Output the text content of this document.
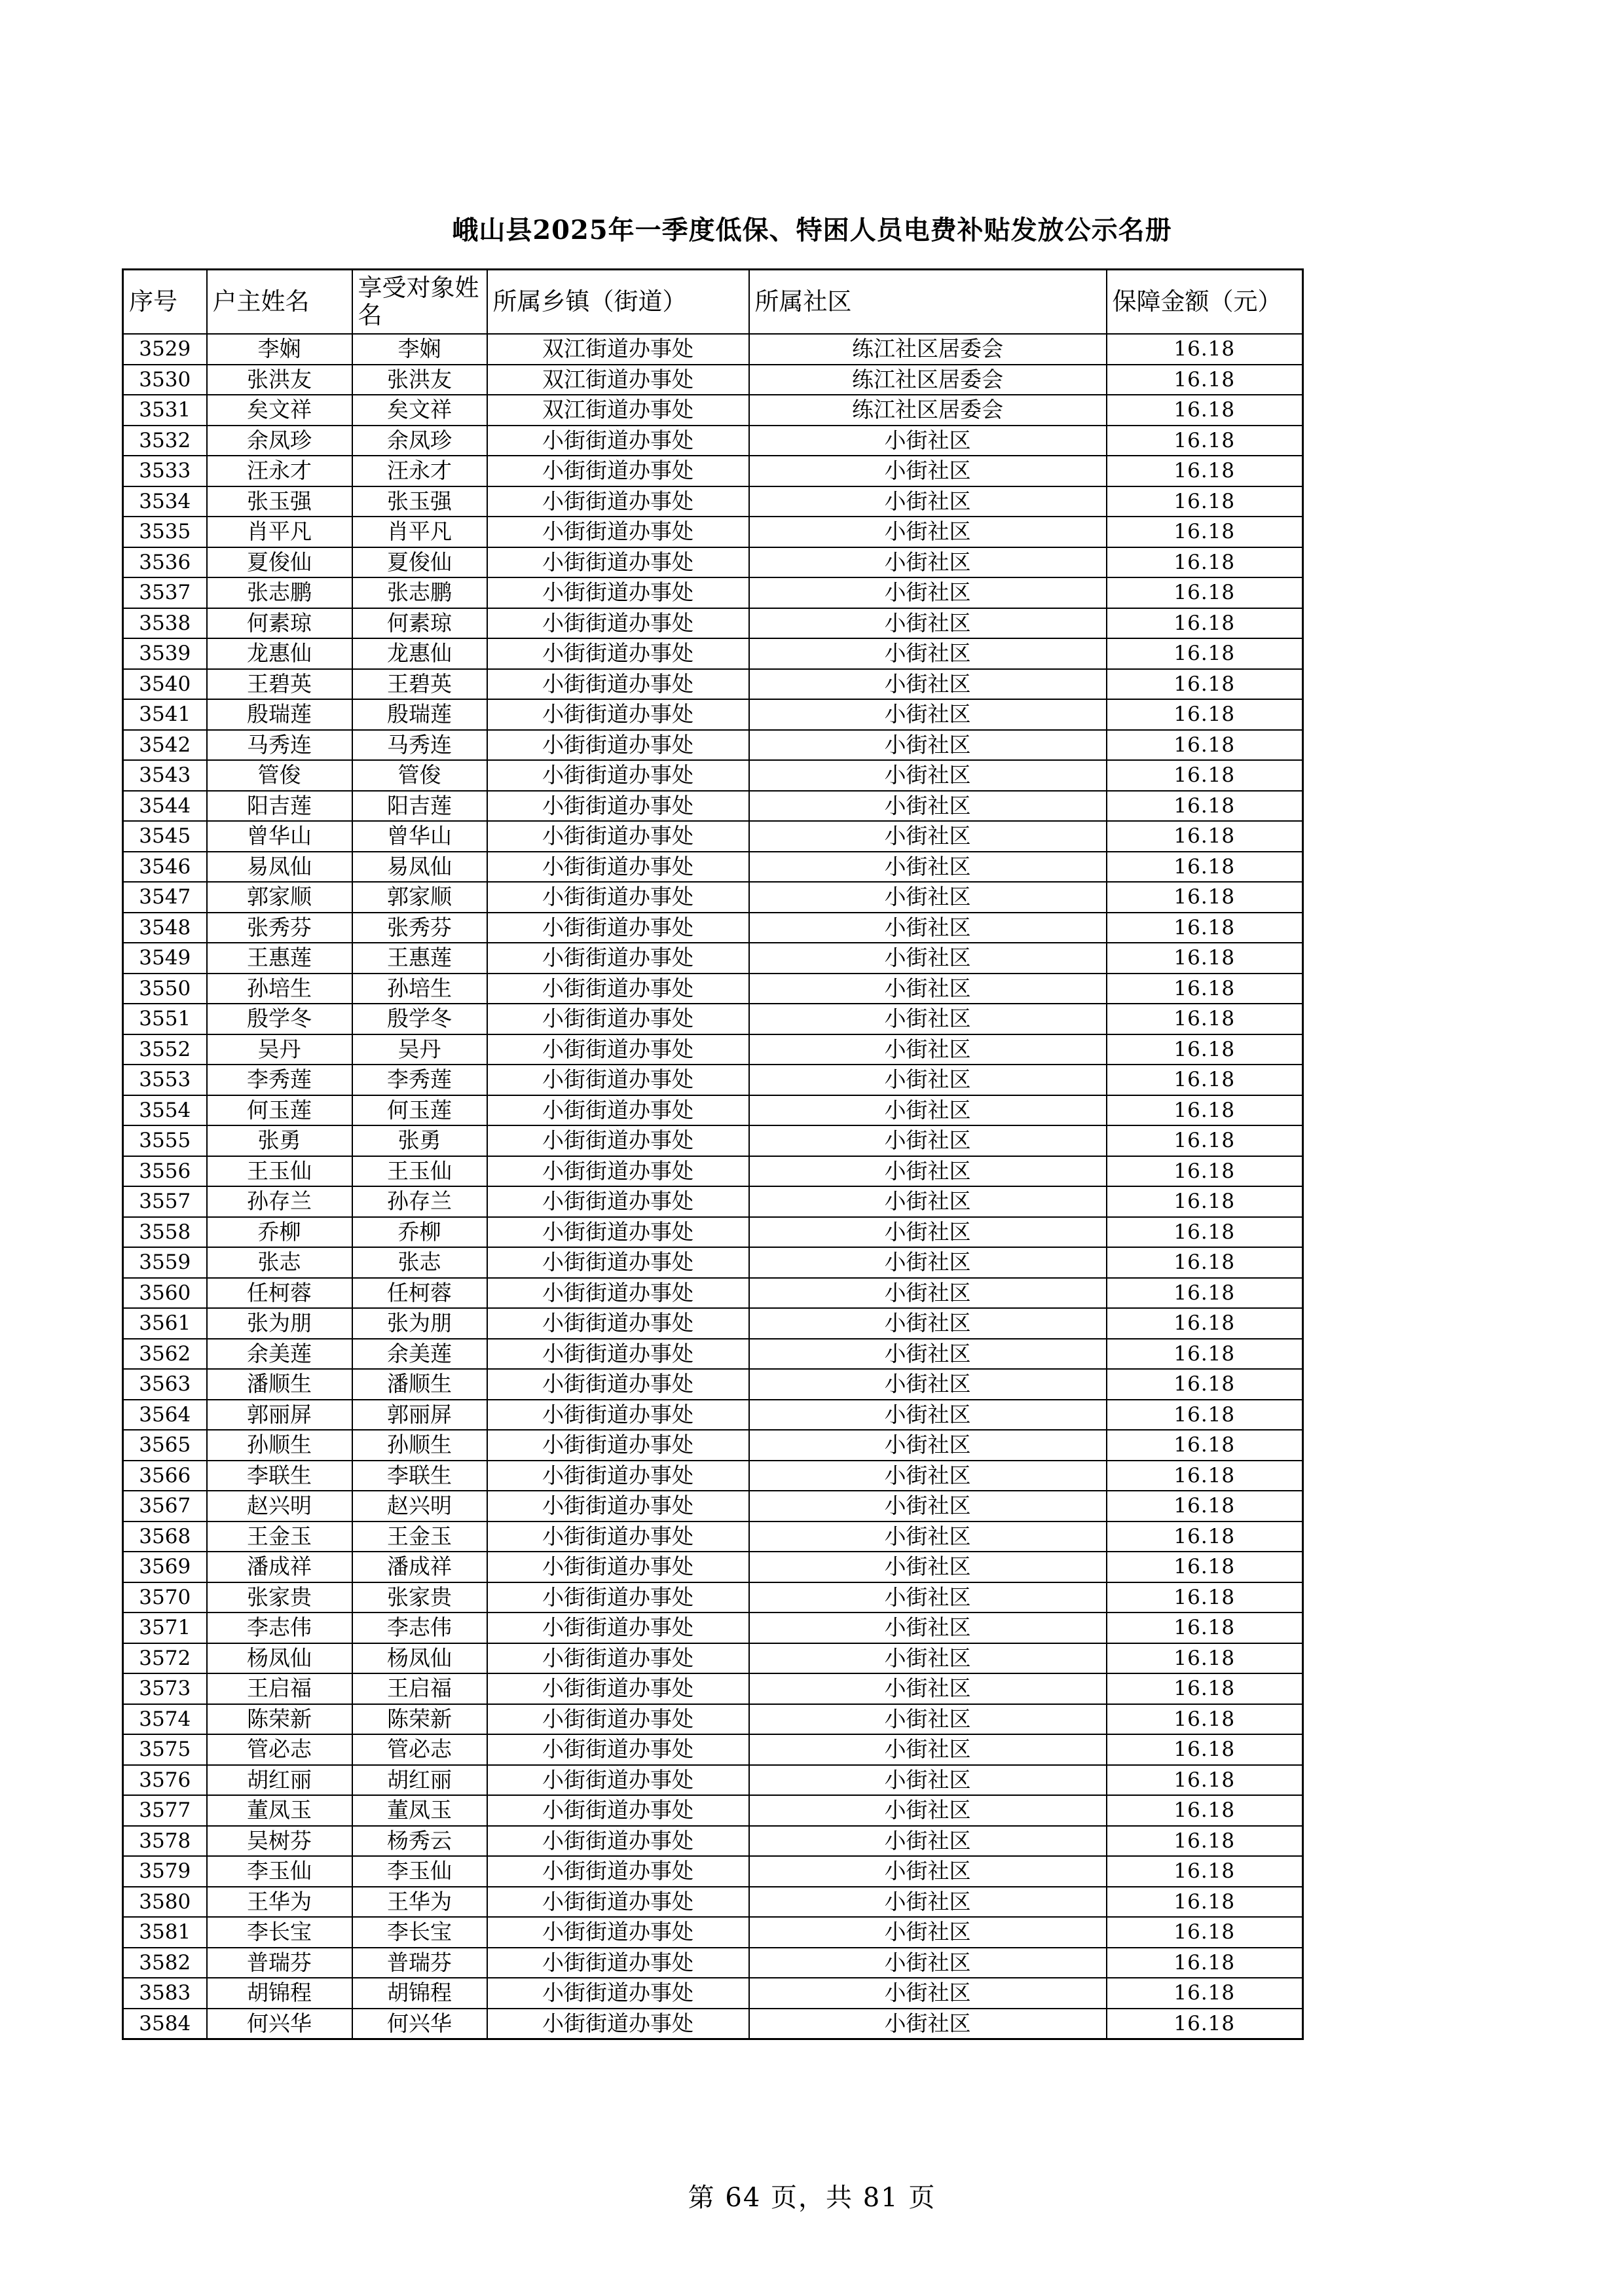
峨山县2025年一季度低保、特困人员电费补贴发放公示名册
序号	户主姓名	享受对象姓名	所属乡镇（街道）	所属社区	保障金额（元）
3529	李娴	李娴	双江街道办事处	练江社区居委会	16.18
3530	张洪友	张洪友	双江街道办事处	练江社区居委会	16.18
3531	矣文祥	矣文祥	双江街道办事处	练江社区居委会	16.18
3532	余凤珍	余凤珍	小街街道办事处	小街社区	16.18
3533	汪永才	汪永才	小街街道办事处	小街社区	16.18
3534	张玉强	张玉强	小街街道办事处	小街社区	16.18
3535	肖平凡	肖平凡	小街街道办事处	小街社区	16.18
3536	夏俊仙	夏俊仙	小街街道办事处	小街社区	16.18
3537	张志鹏	张志鹏	小街街道办事处	小街社区	16.18
3538	何素琼	何素琼	小街街道办事处	小街社区	16.18
3539	龙惠仙	龙惠仙	小街街道办事处	小街社区	16.18
3540	王碧英	王碧英	小街街道办事处	小街社区	16.18
3541	殷瑞莲	殷瑞莲	小街街道办事处	小街社区	16.18
3542	马秀连	马秀连	小街街道办事处	小街社区	16.18
3543	管俊	管俊	小街街道办事处	小街社区	16.18
3544	阳吉莲	阳吉莲	小街街道办事处	小街社区	16.18
3545	曾华山	曾华山	小街街道办事处	小街社区	16.18
3546	易凤仙	易凤仙	小街街道办事处	小街社区	16.18
3547	郭家顺	郭家顺	小街街道办事处	小街社区	16.18
3548	张秀芬	张秀芬	小街街道办事处	小街社区	16.18
3549	王惠莲	王惠莲	小街街道办事处	小街社区	16.18
3550	孙培生	孙培生	小街街道办事处	小街社区	16.18
3551	殷学冬	殷学冬	小街街道办事处	小街社区	16.18
3552	吴丹	吴丹	小街街道办事处	小街社区	16.18
3553	李秀莲	李秀莲	小街街道办事处	小街社区	16.18
3554	何玉莲	何玉莲	小街街道办事处	小街社区	16.18
3555	张勇	张勇	小街街道办事处	小街社区	16.18
3556	王玉仙	王玉仙	小街街道办事处	小街社区	16.18
3557	孙存兰	孙存兰	小街街道办事处	小街社区	16.18
3558	乔柳	乔柳	小街街道办事处	小街社区	16.18
3559	张志	张志	小街街道办事处	小街社区	16.18
3560	任柯蓉	任柯蓉	小街街道办事处	小街社区	16.18
3561	张为朋	张为朋	小街街道办事处	小街社区	16.18
3562	余美莲	余美莲	小街街道办事处	小街社区	16.18
3563	潘顺生	潘顺生	小街街道办事处	小街社区	16.18
3564	郭丽屏	郭丽屏	小街街道办事处	小街社区	16.18
3565	孙顺生	孙顺生	小街街道办事处	小街社区	16.18
3566	李联生	李联生	小街街道办事处	小街社区	16.18
3567	赵兴明	赵兴明	小街街道办事处	小街社区	16.18
3568	王金玉	王金玉	小街街道办事处	小街社区	16.18
3569	潘成祥	潘成祥	小街街道办事处	小街社区	16.18
3570	张家贵	张家贵	小街街道办事处	小街社区	16.18
3571	李志伟	李志伟	小街街道办事处	小街社区	16.18
3572	杨凤仙	杨凤仙	小街街道办事处	小街社区	16.18
3573	王启福	王启福	小街街道办事处	小街社区	16.18
3574	陈荣新	陈荣新	小街街道办事处	小街社区	16.18
3575	管必志	管必志	小街街道办事处	小街社区	16.18
3576	胡红丽	胡红丽	小街街道办事处	小街社区	16.18
3577	董凤玉	董凤玉	小街街道办事处	小街社区	16.18
3578	吴树芬	杨秀云	小街街道办事处	小街社区	16.18
3579	李玉仙	李玉仙	小街街道办事处	小街社区	16.18
3580	王华为	王华为	小街街道办事处	小街社区	16.18
3581	李长宝	李长宝	小街街道办事处	小街社区	16.18
3582	普瑞芬	普瑞芬	小街街道办事处	小街社区	16.18
3583	胡锦程	胡锦程	小街街道办事处	小街社区	16.18
3584	何兴华	何兴华	小街街道办事处	小街社区	16.18
第 64 页，共 81 页
